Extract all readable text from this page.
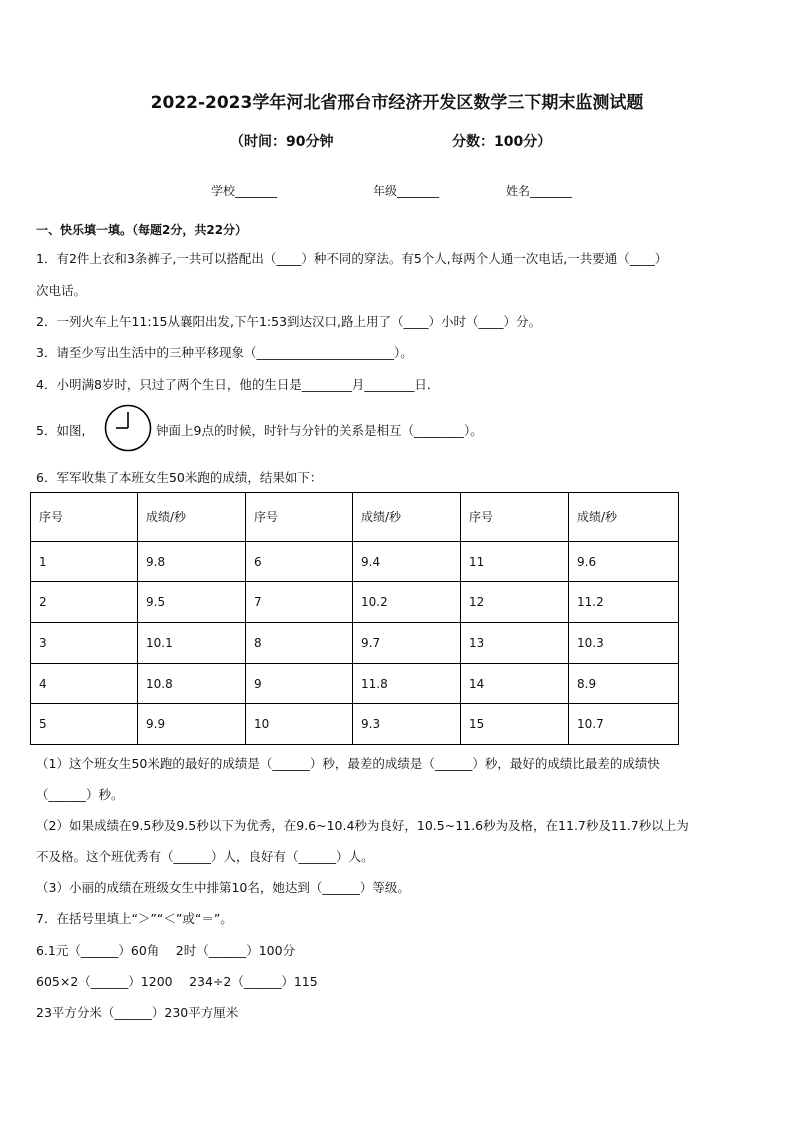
2022-2023学年河北省邢台市经济开发区数学三下期末监测试题
（时间：90分钟	分数：100分）
学校_______	年级_______	姓名_______
一、快乐填一填。（每题2分，共22分）
1．有2件上衣和3条裤子,一共可以搭配出（____）种不同的穿法。有5个人,每两个人通一次电话,一共要通（____）
次电话。
2．一列火车上午11:15从襄阳出发,下午1:53到达汉口,路上用了（____）小时（____）分。
3．请至少写出生活中的三种平移现象（______________________）。
4．小明满8岁时，只过了两个生日，他的生日是________月________日．
5．如图,	钟面上9点的时候，时针与分针的关系是相互（________）。
6．军军收集了本班女生50米跑的成绩，结果如下：
序号	成绩/秒	序号	成绩/秒	序号	成绩/秒
1	9.8	6	9.4	11	9.6
2	9.5	7	10.2	12	11.2
3	10.1	8	9.7	13	10.3
4	10.8	9	11.8	14	8.9
5	9.9	10	9.3	15	10.7
（1）这个班女生50米跑的最好的成绩是（______）秒，最差的成绩是（______）秒，最好的成绩比最差的成绩快
（______）秒。
（2）如果成绩在9.5秒及9.5秒以下为优秀，在9.6~10.4秒为良好，10.5~11.6秒为及格，在11.7秒及11.7秒以上为
不及格。这个班优秀有（______）人，良好有（______）人。
（3）小丽的成绩在班级女生中排第10名，她达到（______）等级。
7．在括号里填上“＞”“＜”或“＝”。
6.1元（______）60角　 2时（______）100分
605×2（______）1200　 234÷2（______）115
23平方分米（______）230平方厘米
